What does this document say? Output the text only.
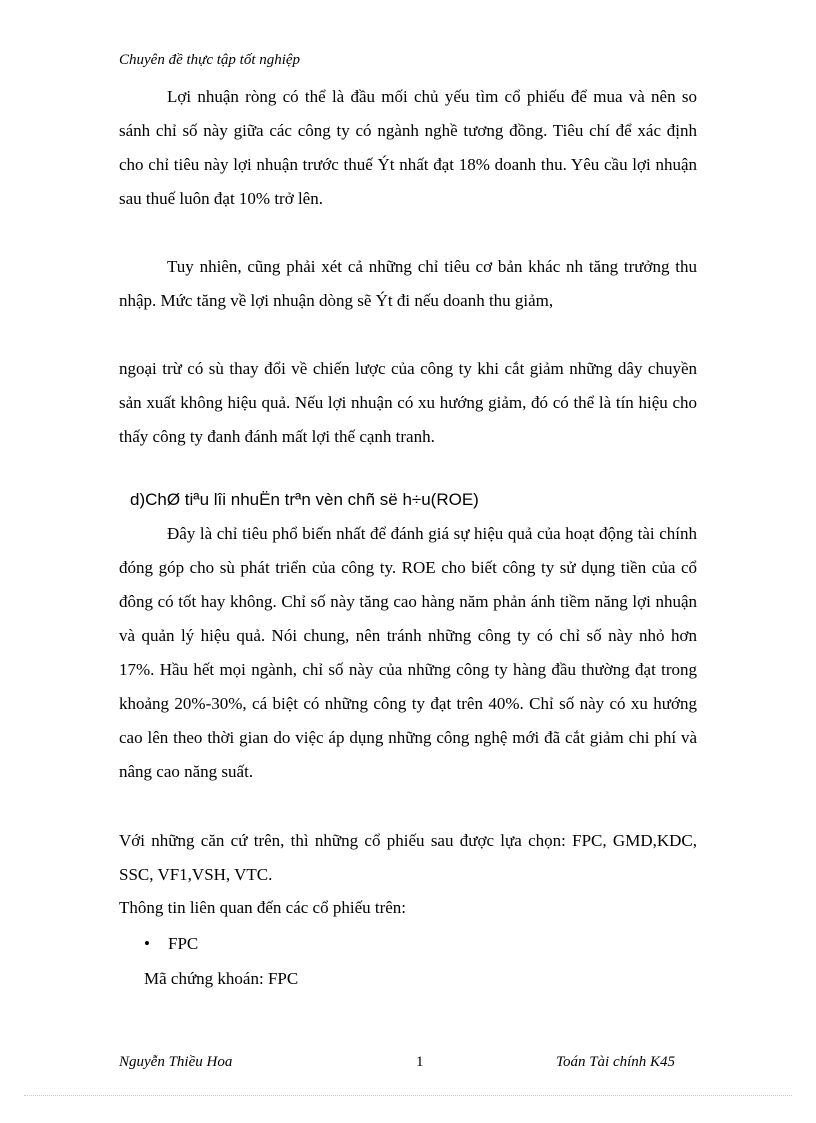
Chuyên đề thực tập tốt nghiệp

Lợi nhuận ròng có thể là đầu mối chủ yếu tìm cổ phiếu để mua và nên so sánh chỉ số này giữa các công ty có ngành nghề tương đồng. Tiêu chí để xác định cho chỉ tiêu này lợi nhuận trước thuế Ýt nhất đạt 18% doanh thu. Yêu cầu lợi nhuận sau thuế luôn đạt 10% trở lên.

Tuy nhiên, cũng phải xét cả những chỉ tiêu cơ bản khác nh tăng trưởng thu nhập. Mức tăng về lợi nhuận dòng sẽ Ýt đi nếu doanh thu giảm,

ngoại trừ có sù thay đổi về chiến lược của công ty khi cắt giảm những dây chuyền sản xuất không hiệu quả. Nếu lợi nhuận có xu hướng giảm, đó có thể là tín hiệu cho thấy công ty đanh đánh mất lợi thế cạnh tranh.

d)ChØ tiªu lîi nhuËn trªn vèn chñ së h÷u(ROE)

Đây là chỉ tiêu phổ biến nhất để đánh giá sự hiệu quả của hoạt động tài chính đóng góp cho sù phát triển của công ty. ROE cho biết công ty sử dụng tiền của cổ đông có tốt hay không. Chỉ số này tăng cao hàng năm phản ánh tiềm năng lợi nhuận và quản lý hiệu quả. Nói chung, nên tránh những công ty có chỉ số này nhỏ hơn 17%. Hầu hết mọi ngành, chỉ số này của những công ty hàng đầu thường đạt trong khoảng 20%-30%, cá biệt có những công ty đạt trên 40%. Chỉ số này có xu hướng cao lên theo thời gian do việc áp dụng những công nghệ mới đã cắt giảm chi phí và nâng cao năng suất.

Với những căn cứ trên, thì những cổ phiếu sau được lựa chọn: FPC, GMD,KDC, SSC, VF1,VSH, VTC.

Thông tin liên quan đến các cổ phiếu trên:
• FPC
Mã chứng khoán: FPC
Nguyễn Thiều Hoa	1	Toán Tài chính K45
